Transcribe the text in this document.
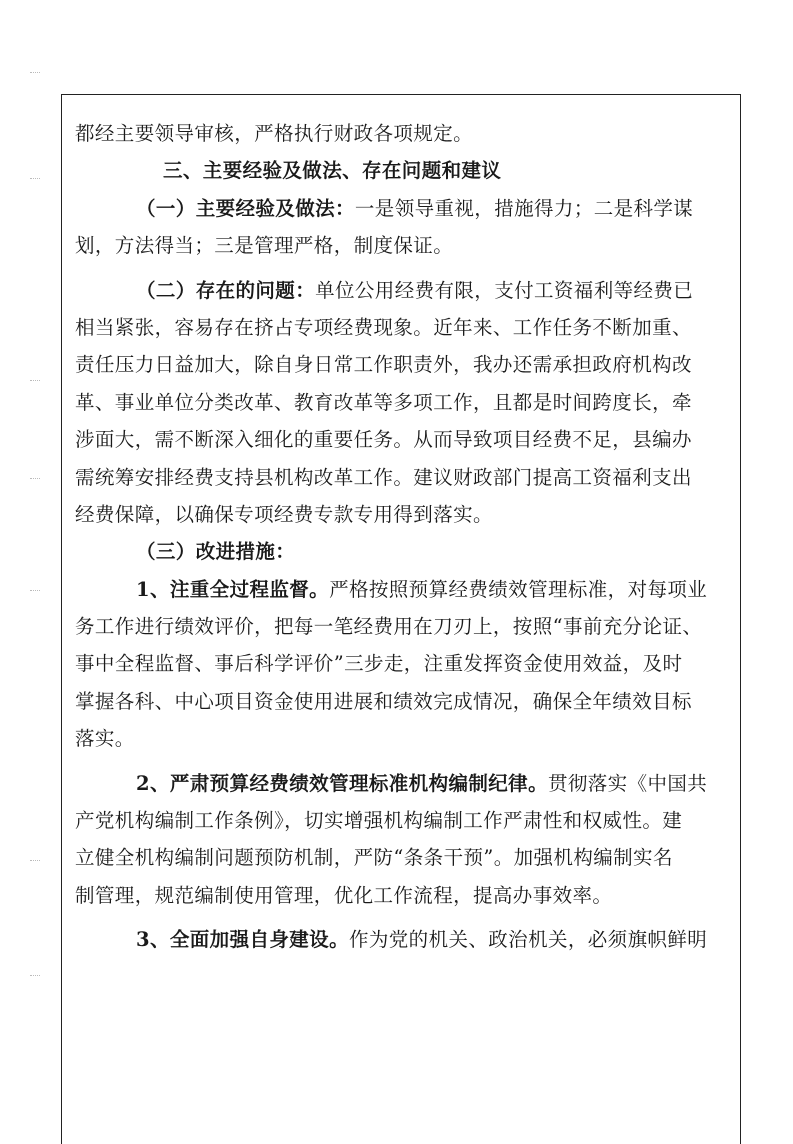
都经主要领导审核，严格执行财政各项规定。
三、主要经验及做法、存在问题和建议
（一）主要经验及做法：一是领导重视，措施得力；二是科学谋
划，方法得当；三是管理严格，制度保证。
（二）存在的问题：单位公用经费有限，支付工资福利等经费已
相当紧张，容易存在挤占专项经费现象。近年来、工作任务不断加重、
责任压力日益加大，除自身日常工作职责外，我办还需承担政府机构改
革、事业单位分类改革、教育改革等多项工作，且都是时间跨度长，牵
涉面大，需不断深入细化的重要任务。从而导致项目经费不足，县编办
需统筹安排经费支持县机构改革工作。建议财政部门提高工资福利支出
经费保障，以确保专项经费专款专用得到落实。
（三）改进措施：
1、注重全过程监督。严格按照预算经费绩效管理标准，对每项业
务工作进行绩效评价，把每一笔经费用在刀刃上，按照“事前充分论证、
事中全程监督、事后科学评价”三步走，注重发挥资金使用效益，及时
掌握各科、中心项目资金使用进展和绩效完成情况，确保全年绩效目标
落实。
2、严肃预算经费绩效管理标准机构编制纪律。贯彻落实《中国共
产党机构编制工作条例》，切实增强机构编制工作严肃性和权威性。建
立健全机构编制问题预防机制，严防“条条干预”。加强机构编制实名
制管理，规范编制使用管理，优化工作流程，提高办事效率。
3、全面加强自身建设。作为党的机关、政治机关，必须旗帜鲜明
